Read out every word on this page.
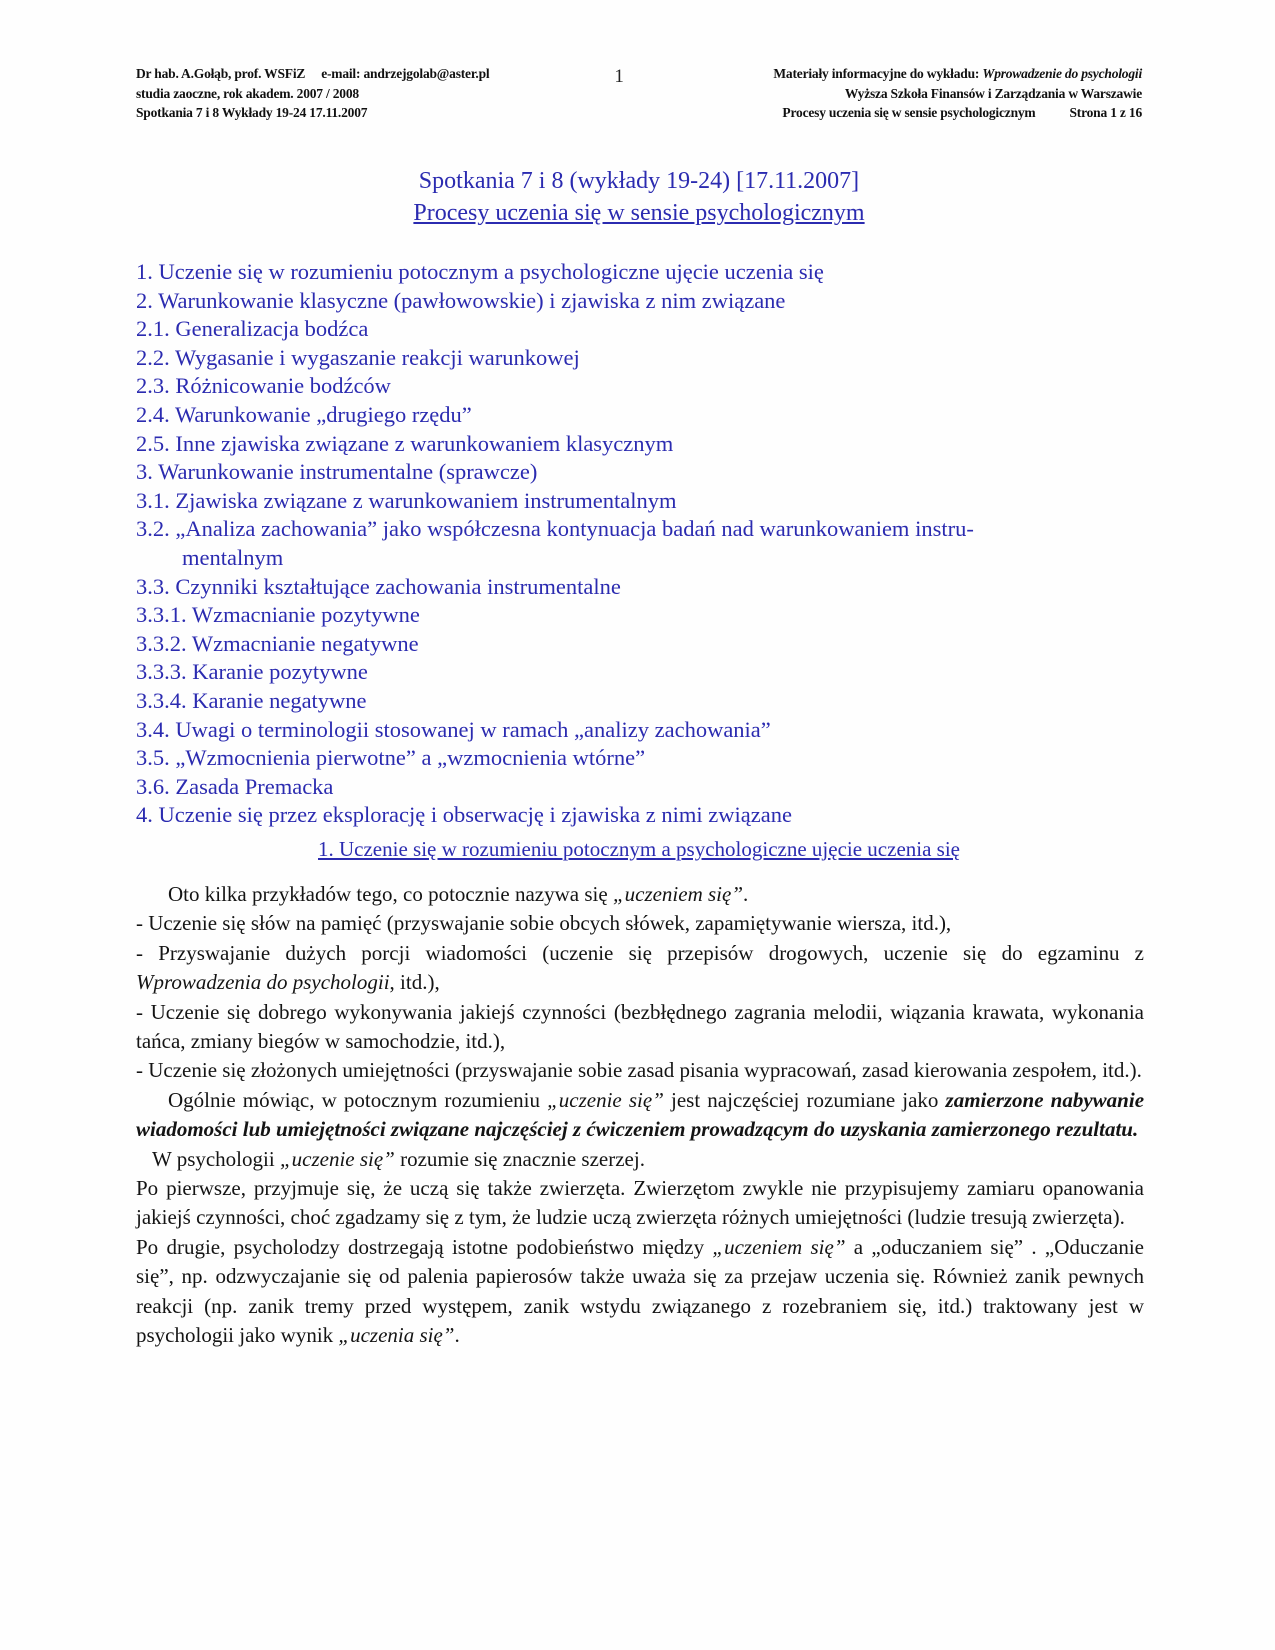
Dr hab. A.Gołąb, prof. WSFiZ e-mail: andrzejgolab@aster.pl
studia zaoczne, rok akadem. 2007 / 2008
Spotkania 7 i 8 Wykłady 19-24 17.11.2007
1	Materiały informacyjne do wykładu: Wprowadzenie do psychologii
Wyższa Szkoła Finansów i Zarządzania w Warszawie
Procesy uczenia się w sensie psychologicznym	Strona 1 z 16
Spotkania 7 i 8 (wykłady 19-24) [17.11.2007]
Procesy uczenia się w sensie psychologicznym
1. Uczenie się w rozumieniu potocznym a psychologiczne ujęcie uczenia się
2. Warunkowanie klasyczne (pawłowowskie) i zjawiska z nim związane
2.1. Generalizacja bodźca
2.2. Wygasanie i wygaszanie reakcji warunkowej
2.3. Różnicowanie bodźców
2.4. Warunkowanie „drugiego rzędu”
2.5. Inne zjawiska związane z warunkowaniem klasycznym
3. Warunkowanie instrumentalne (sprawcze)
3.1. Zjawiska związane z warunkowaniem instrumentalnym
3.2. „Analiza zachowania” jako współczesna kontynuacja badań nad warunkowaniem instru-
mentalnym
3.3. Czynniki kształtujące zachowania instrumentalne
3.3.1. Wzmacnianie pozytywne
3.3.2. Wzmacnianie negatywne
3.3.3. Karanie pozytywne
3.3.4. Karanie negatywne
3.4. Uwagi o terminologii stosowanej w ramach „analizy zachowania”
3.5. „Wzmocnienia pierwotne” a „wzmocnienia wtórne”
3.6. Zasada Premacka
4. Uczenie się przez eksplorację i obserwację i zjawiska z nimi związane
1. Uczenie się w rozumieniu potocznym a psychologiczne ujęcie uczenia się

Oto kilka przykładów tego, co potocznie nazywa się „uczeniem się”.

- Uczenie się słów na pamięć (przyswajanie sobie obcych słówek, zapamiętywanie wiersza, itd.),

- Przyswajanie dużych porcji wiadomości (uczenie się przepisów drogowych, uczenie się do egzaminu z Wprowadzenia do psychologii, itd.),

- Uczenie się dobrego wykonywania jakiejś czynności (bezbłędnego zagrania melodii, wiązania krawata, wykonania tańca, zmiany biegów w samochodzie, itd.),

- Uczenie się złożonych umiejętności (przyswajanie sobie zasad pisania wypracowań, zasad kierowania zespołem, itd.).

Ogólnie mówiąc, w potocznym rozumieniu „uczenie się” jest najczęściej rozumiane jako zamierzone nabywanie wiadomości lub umiejętności związane najczęściej z ćwiczeniem prowadzącym do uzyskania zamierzonego rezultatu.

W psychologii „uczenie się” rozumie się znacznie szerzej.

Po pierwsze, przyjmuje się, że uczą się także zwierzęta. Zwierzętom zwykle nie przypisujemy zamiaru opanowania jakiejś czynności, choć zgadzamy się z tym, że ludzie uczą zwierzęta różnych umiejętności (ludzie tresują zwierzęta).

Po drugie, psycholodzy dostrzegają istotne podobieństwo między „uczeniem się” a „oduczaniem się” . „Oduczanie się”, np. odzwyczajanie się od palenia papierosów także uważa się za przejaw uczenia się. Również zanik pewnych reakcji (np. zanik tremy przed występem, zanik wstydu związanego z rozebraniem się, itd.) traktowany jest w psychologii jako wynik „uczenia się”.
